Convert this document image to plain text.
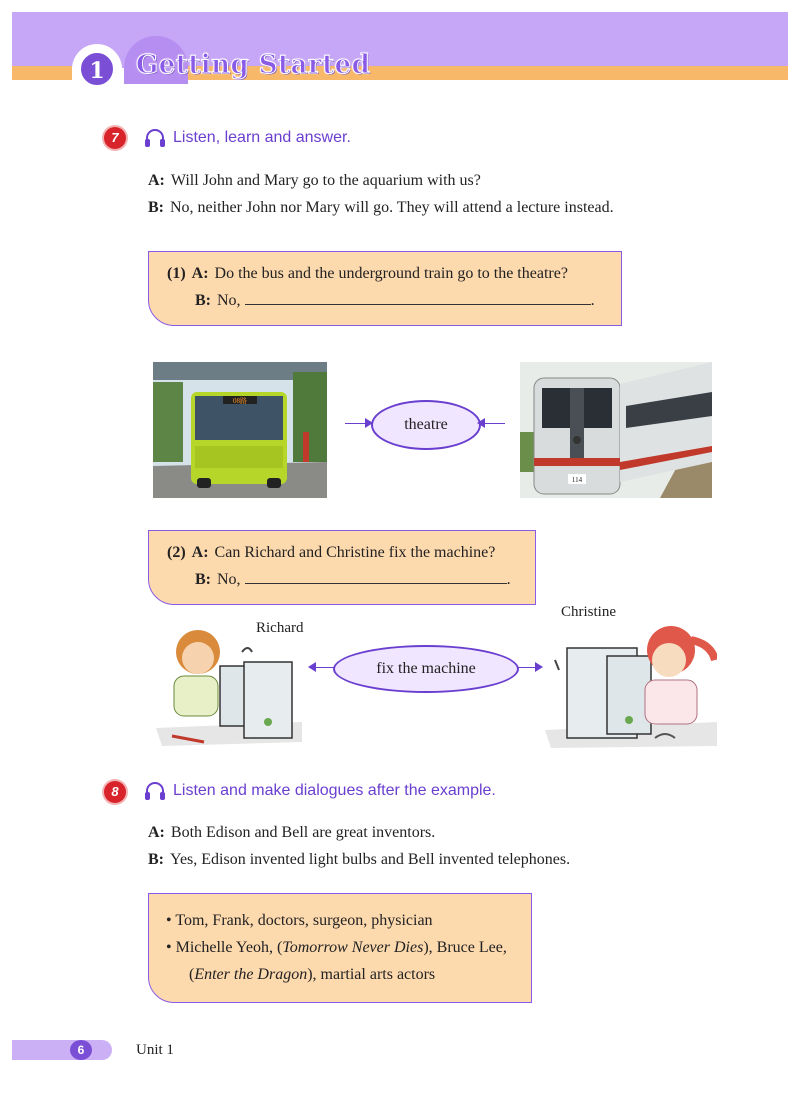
1	Getting Started
7	Listen, learn and answer.
A: Will John and Mary go to the aquarium with us?
B: No, neither John nor Mary will go. They will attend a lecture instead.
(1) A: Do the bus and the underground train go to the theatre?
B: No,	.
08路
theatre
114
(2) A: Can Richard and Christine fix the machine?
B: No,	.
Richard
fix the machine
Christine
8	Listen and make dialogues after the example.
A: Both Edison and Bell are great inventors.
B: Yes, Edison invented light bulbs and Bell invented telephones.
• Tom, Frank, doctors, surgeon, physician
• Michelle Yeoh, (Tomorrow Never Dies), Bruce Lee,
(Enter the Dragon), martial arts actors
6	Unit 1
